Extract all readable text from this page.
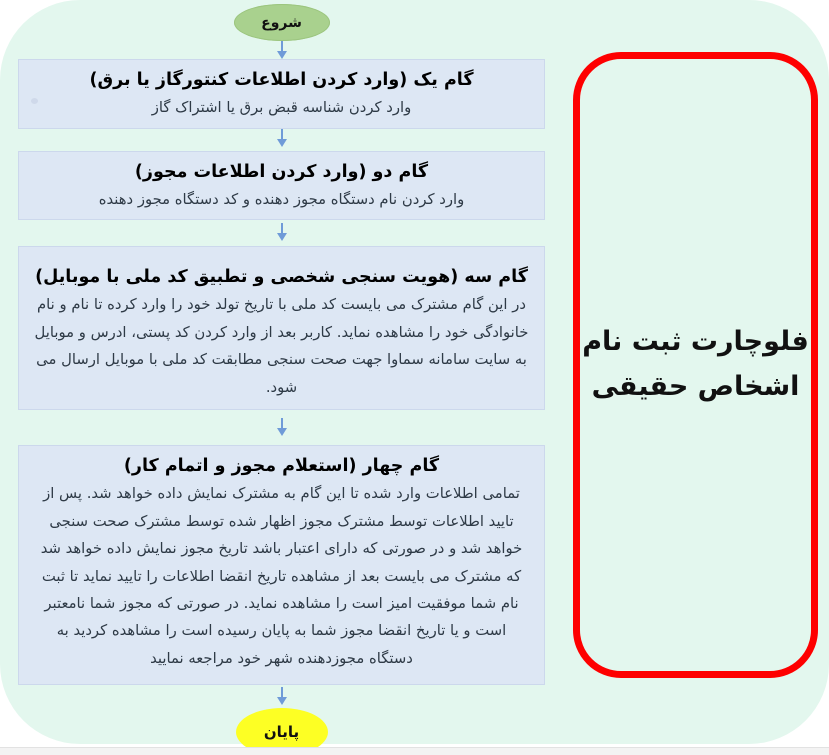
شروع
گام یک (وارد کردن اطلاعات کنتورگاز یا برق)
وارد کردن شناسه قبض برق یا اشتراک گاز
گام دو (وارد کردن اطلاعات مجوز)
وارد کردن نام دستگاه مجوز دهنده و کد دستگاه مجوز دهنده
گام سه (هویت سنجی شخصی و تطبیق کد ملی با موبایل)
در این گام مشترک می بایست کد ملی با تاریخ تولد خود را وارد کرده تا نام و نام خانوادگی خود را مشاهده نماید. کاربر بعد از وارد کردن کد پستی، ادرس و موبایل به سایت سامانه سماوا جهت صحت سنجی مطابقت کد ملی با موبایل ارسال می شود.
گام چهار (استعلام مجوز و اتمام کار)
تمامی اطلاعات وارد شده تا این گام به مشترک نمایش داده خواهد شد. پس از تایید اطلاعات توسط مشترک مجوز اظهار شده توسط مشترک صحت سنجی خواهد شد و در صورتی که دارای اعتبار باشد تاریخ مجوز نمایش داده خواهد شد که مشترک می بایست بعد از مشاهده تاریخ انقضا اطلاعات را تایید نماید تا ثبت نام شما موفقیت امیز است را مشاهده نماید. در صورتی که مجوز شما نامعتبر است و یا تاریخ انقضا مجوز شما به پایان رسیده است را مشاهده کردید به دستگاه مجوزدهنده شهر خود مراجعه نمایید
پایان
فلوچارت ثبت نام
اشخاص حقیقی
